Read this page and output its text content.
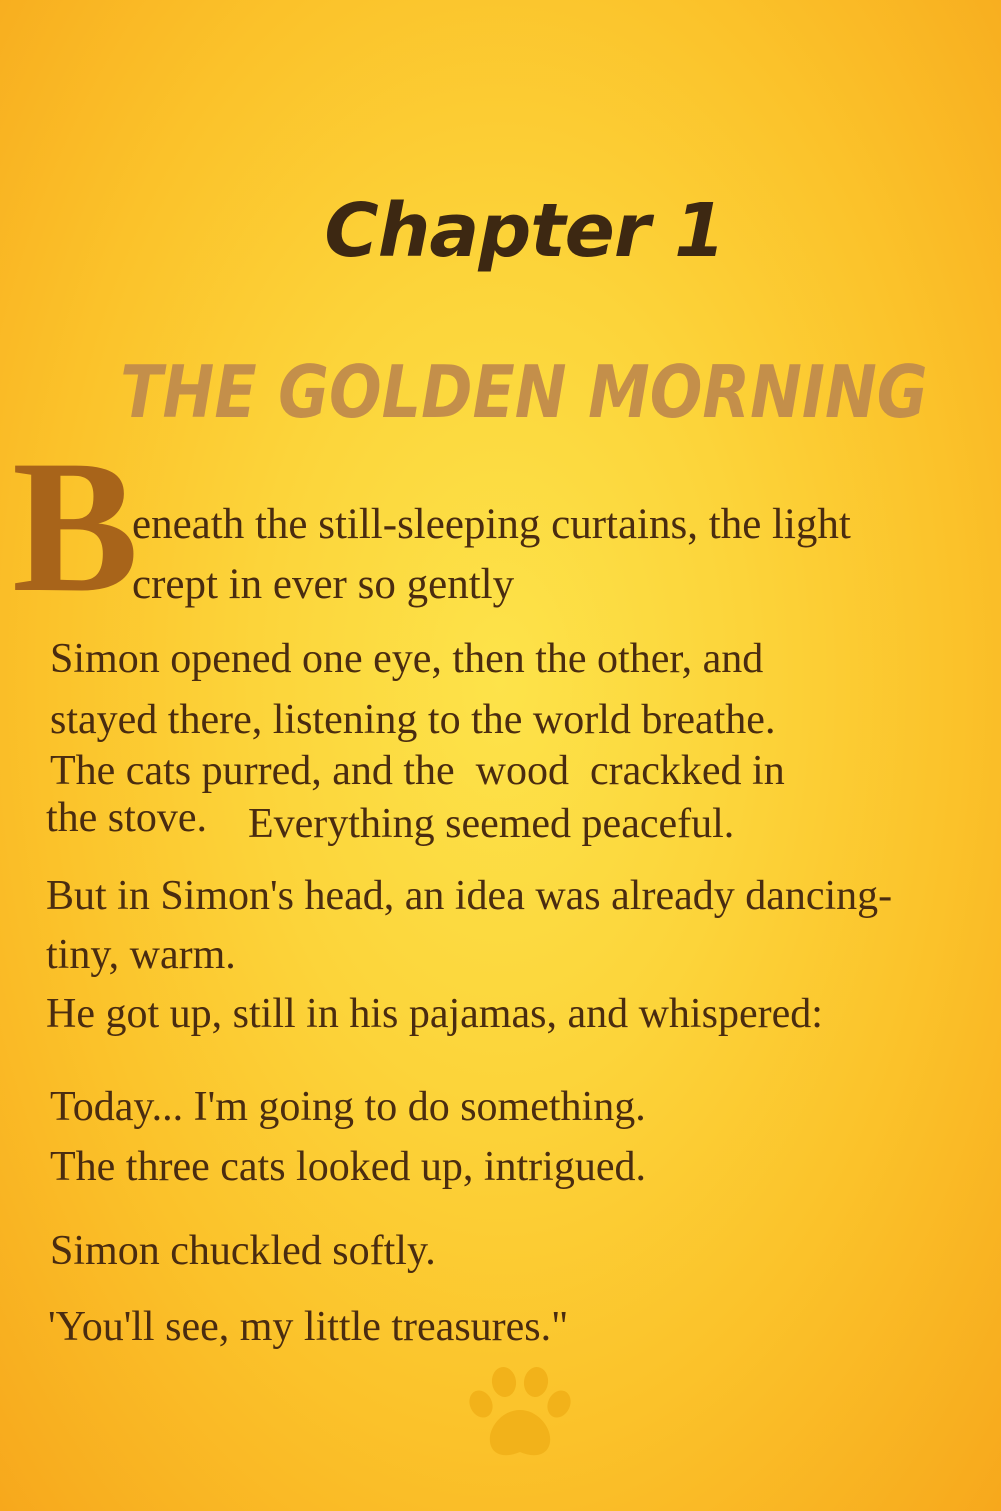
Chapter 1
THE GOLDEN MORNING
B
eneath the still-sleeping curtains, the light
crept in ever so gently
Simon opened one eye, then the other, and
stayed there, listening to the world breathe.
The cats purred, and the  wood  crackked in
the stove. Everything seemed peaceful.
But in Simon's head, an idea was already dancing-
tiny, warm.
He got up, still in his pajamas, and whispered:
Today... I'm going to do something.
The three cats looked up, intrigued.
Simon chuckled softly.
'You'll see, my little treasures."
